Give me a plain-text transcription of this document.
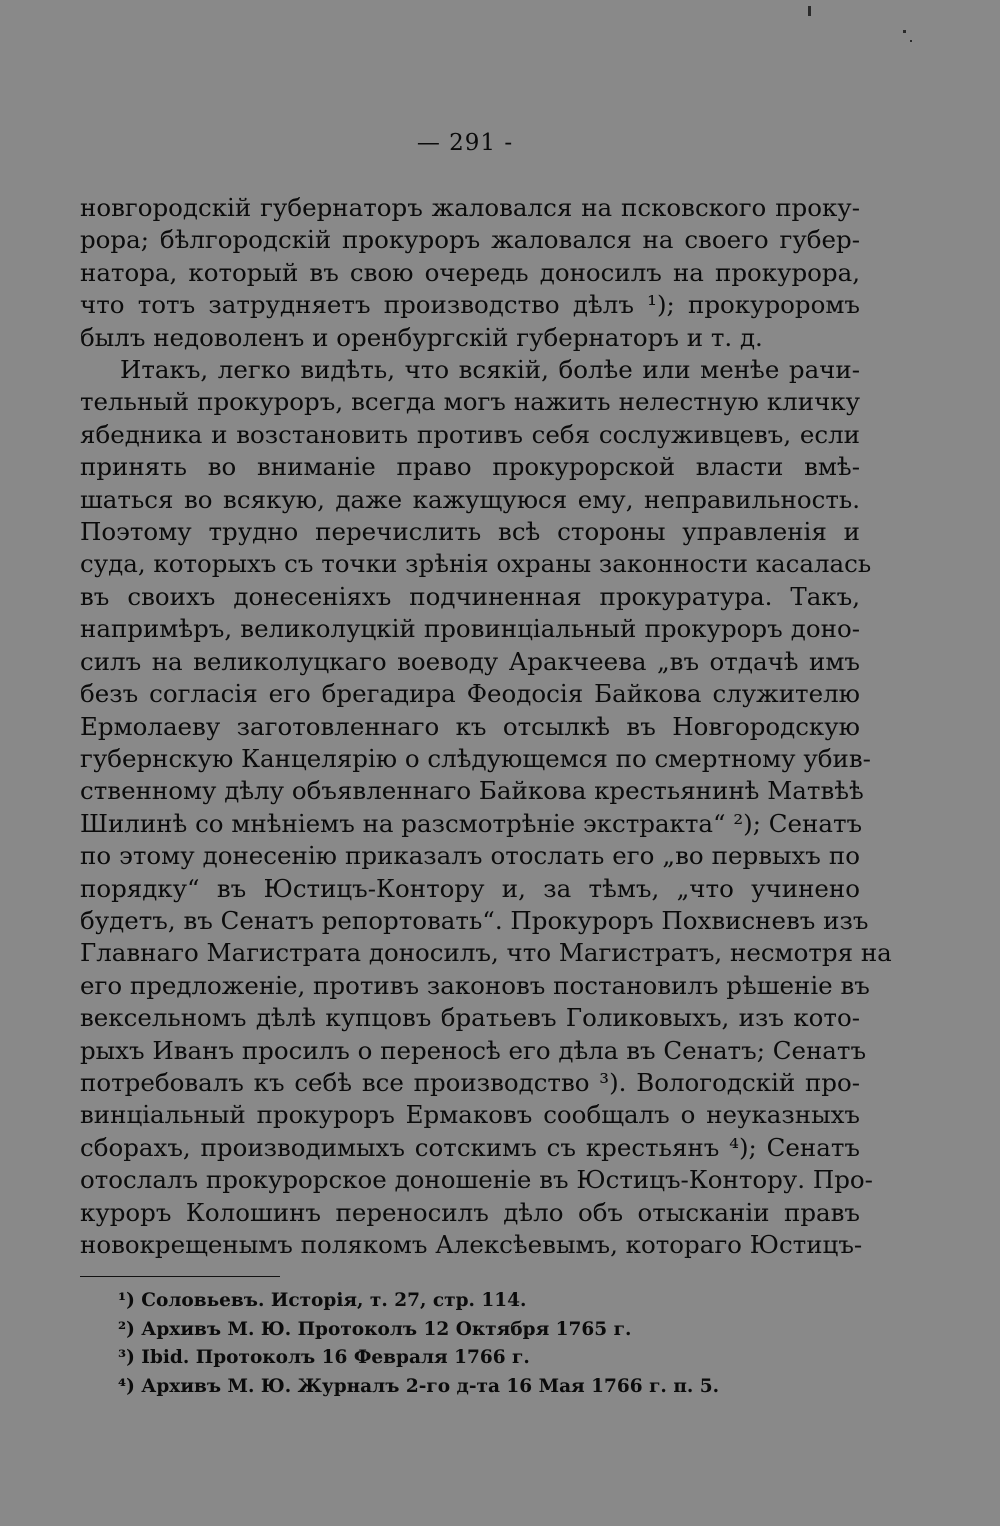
— 291 -
новгородскій губернаторъ жаловался на псковского проку-
рора; бѣлгородскій прокуроръ жаловался на своего губер-
натора, который въ свою очередь доносилъ на прокурора,
что тотъ затрудняетъ производство дѣлъ ¹); прокуроромъ
былъ недоволенъ и оренбургскій губернаторъ и т. д.
Итакъ, легко видѣть, что всякій, болѣе или менѣе рачи-
тельный прокуроръ, всегда могъ нажить нелестную кличку
ябедника и возстановить противъ себя сослуживцевъ, если
принять во вниманіе право прокурорской власти вмѣ-
шаться во всякую, даже кажущуюся ему, неправильность.
Поэтому трудно перечислить всѣ стороны управленія и
суда, которыхъ съ точки зрѣнія охраны законности касалась
въ своихъ донесеніяхъ подчиненная прокуратура. Такъ,
напримѣръ, великолуцкій провинціальный прокуроръ доно-
силъ на великолуцкаго воеводу Аракчеева „въ отдачѣ имъ
безъ согласія его брегадира Феодосія Байкова служителю
Ермолаеву заготовленнаго къ отсылкѣ въ Новгородскую
губернскую Канцелярію о слѣдующемся по смертному убив-
ственному дѣлу объявленнаго Байкова крестьянинѣ Матвѣѣ
Шилинѣ со мнѣніемъ на разсмотрѣніе экстракта“ ²); Сенатъ
по этому донесенію приказалъ отослать его „во первыхъ по
порядку“ въ Юстицъ-Контору и, за тѣмъ, „что учинено
будетъ, въ Сенатъ репортовать“. Прокуроръ Похвисневъ изъ
Главнаго Магистрата доносилъ, что Магистратъ, несмотря на
его предложеніе, противъ законовъ постановилъ рѣшеніе въ
вексельномъ дѣлѣ купцовъ братьевъ Голиковыхъ, изъ кото-
рыхъ Иванъ просилъ о переносѣ его дѣла въ Сенатъ; Сенатъ
потребовалъ къ себѣ все производство ³). Вологодскій про-
винціальный прокуроръ Ермаковъ сообщалъ о неуказныхъ
сборахъ, производимыхъ сотскимъ съ крестьянъ ⁴); Сенатъ
отослалъ прокурорское доношеніе въ Юстицъ-Контору. Про-
куроръ Колошинъ переносилъ дѣло объ отысканіи правъ
новокрещенымъ полякомъ Алексѣевымъ, котораго Юстицъ-
¹) Соловьевъ. Исторія, т. 27, стр. 114.
²) Архивъ М. Ю. Протоколъ 12 Октября 1765 г.
³) Ibid. Протоколъ 16 Февраля 1766 г.
⁴) Архивъ М. Ю. Журналъ 2-го д-та 16 Мая 1766 г. п. 5.
